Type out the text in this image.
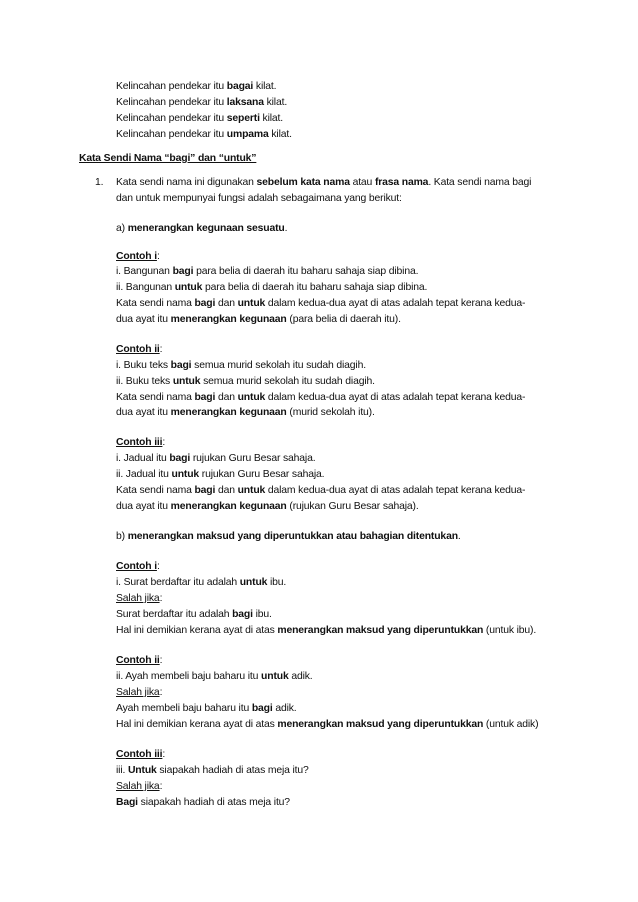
Kelincahan pendekar itu bagai kilat.
Kelincahan pendekar itu laksana kilat.
Kelincahan pendekar itu seperti kilat.
Kelincahan pendekar itu umpama kilat.
Kata Sendi Nama “bagi” dan “untuk”
1. Kata sendi nama ini digunakan sebelum kata nama atau frasa nama. Kata sendi nama bagi
dan untuk mempunyai fungsi adalah sebagaimana yang berikut:
a) menerangkan kegunaan sesuatu.
Contoh i:
i. Bangunan bagi para belia di daerah itu baharu sahaja siap dibina.
ii. Bangunan untuk para belia di daerah itu baharu sahaja siap dibina.
Kata sendi nama bagi dan untuk dalam kedua-dua ayat di atas adalah tepat kerana kedua-
dua ayat itu menerangkan kegunaan (para belia di daerah itu).
Contoh ii:
i. Buku teks bagi semua murid sekolah itu sudah diagih.
ii. Buku teks untuk semua murid sekolah itu sudah diagih.
Kata sendi nama bagi dan untuk dalam kedua-dua ayat di atas adalah tepat kerana kedua-
dua ayat itu menerangkan kegunaan (murid sekolah itu).
Contoh iii:
i. Jadual itu bagi rujukan Guru Besar sahaja.
ii. Jadual itu untuk rujukan Guru Besar sahaja.
Kata sendi nama bagi dan untuk dalam kedua-dua ayat di atas adalah tepat kerana kedua-
dua ayat itu menerangkan kegunaan (rujukan Guru Besar sahaja).
b) menerangkan maksud yang diperuntukkan atau bahagian ditentukan.
Contoh i:
i. Surat berdaftar itu adalah untuk ibu.
Salah jika:
Surat berdaftar itu adalah bagi ibu.
Hal ini demikian kerana ayat di atas menerangkan maksud yang diperuntukkan (untuk ibu).
Contoh ii:
ii. Ayah membeli baju baharu itu untuk adik.
Salah jika:
Ayah membeli baju baharu itu bagi adik.
Hal ini demikian kerana ayat di atas menerangkan maksud yang diperuntukkan (untuk adik)
Contoh iii:
iii. Untuk siapakah hadiah di atas meja itu?
Salah jika:
Bagi siapakah hadiah di atas meja itu?
